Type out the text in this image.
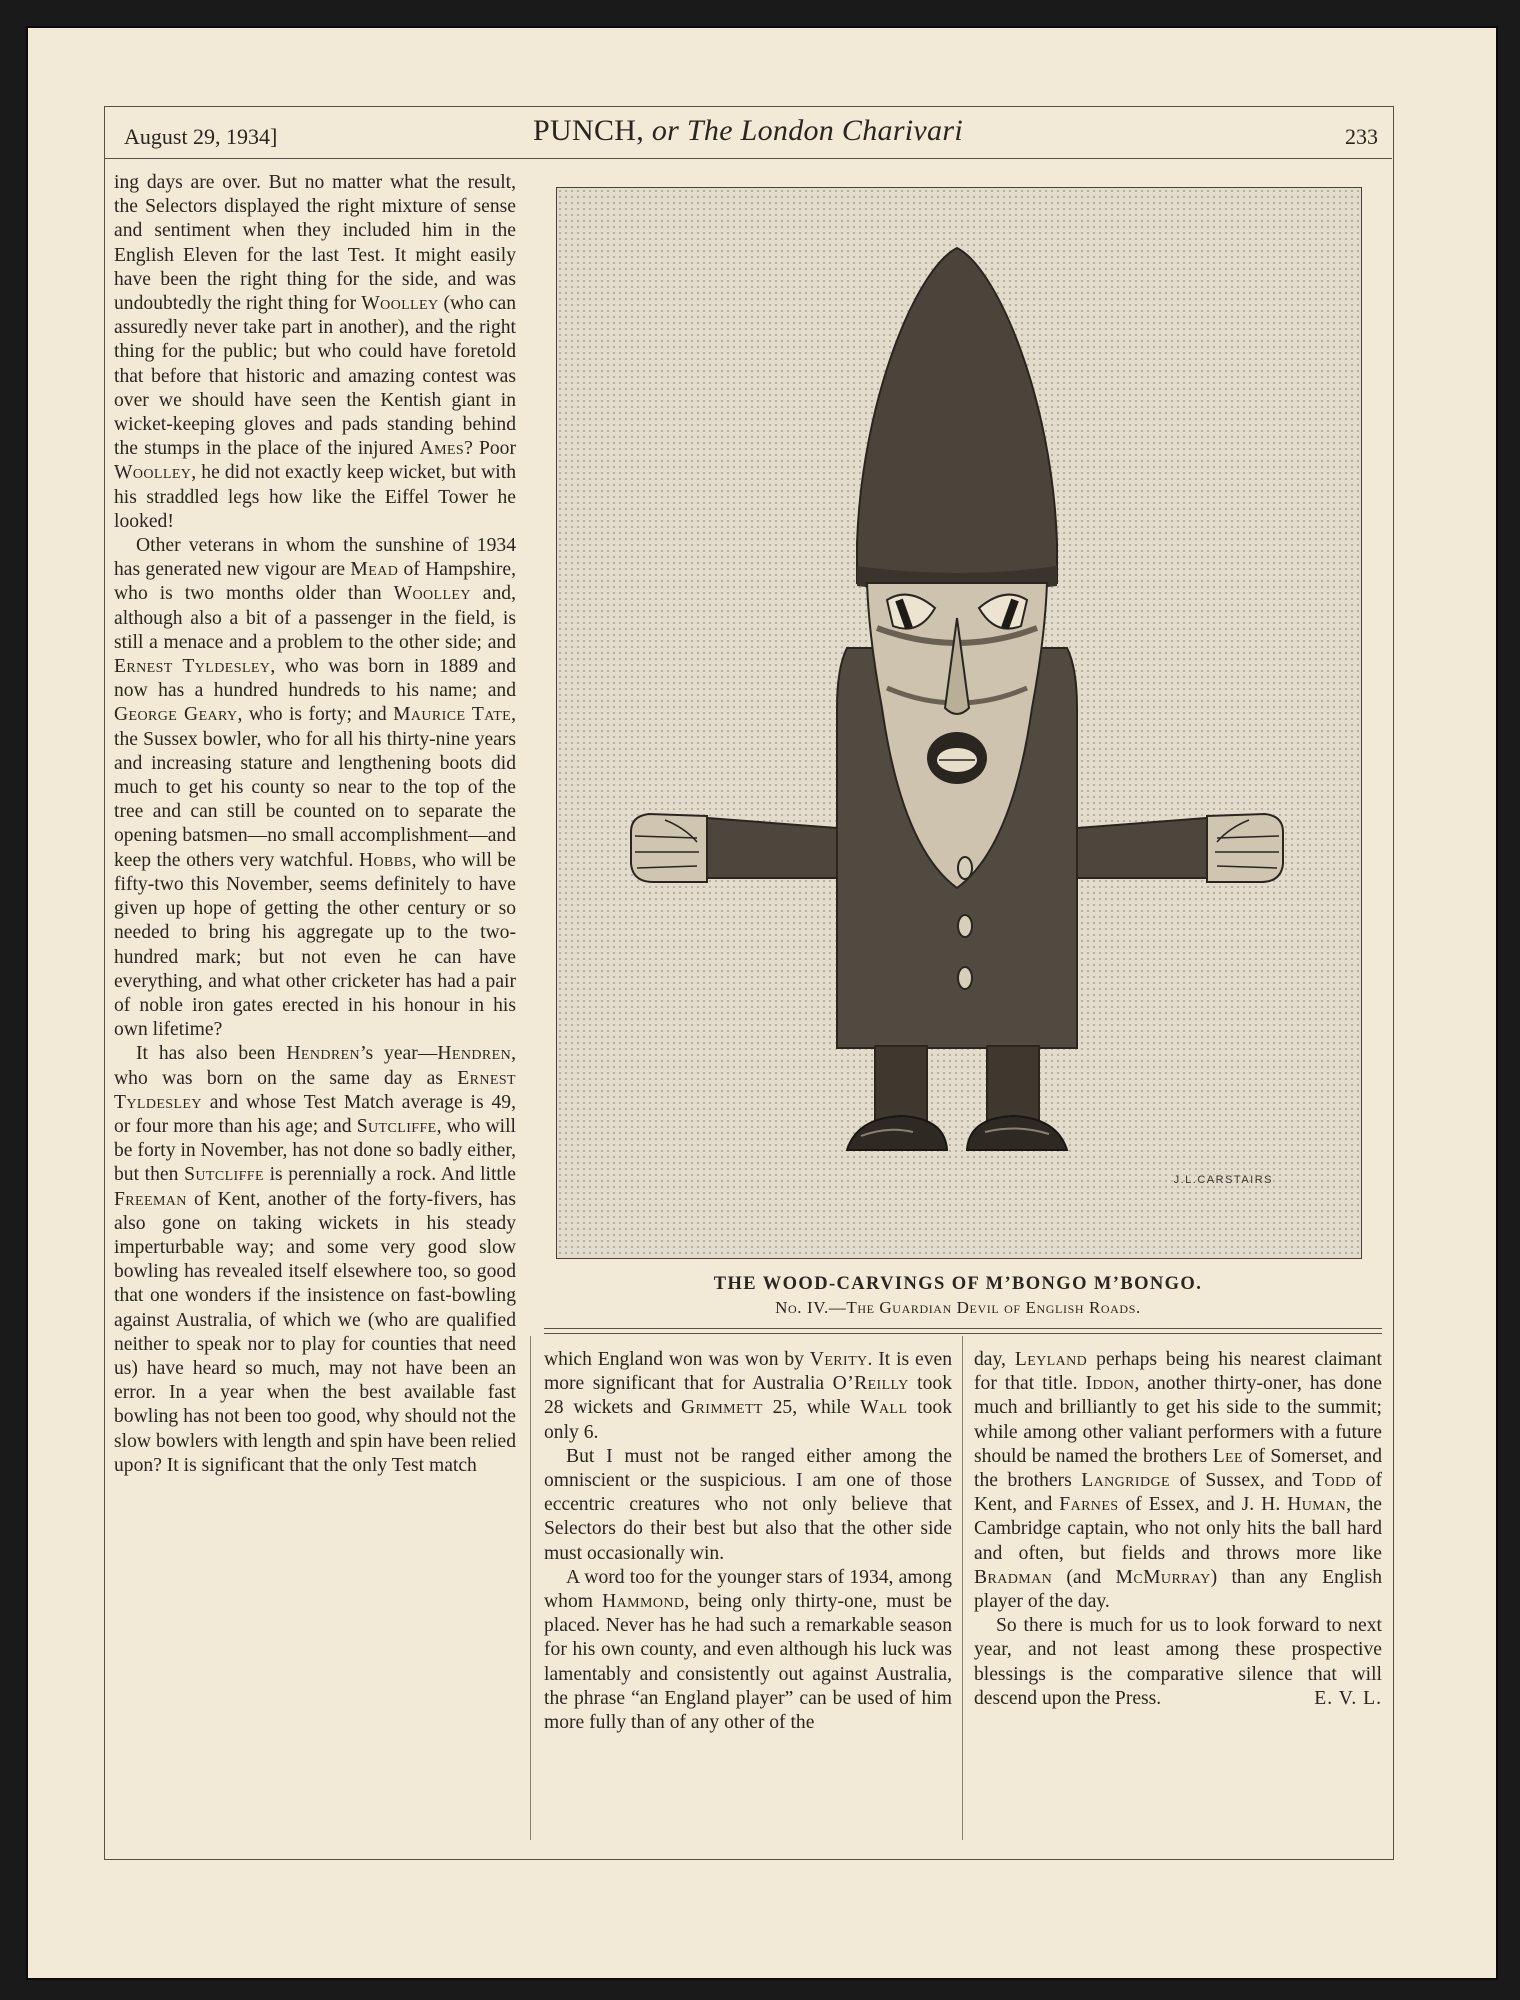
August 29, 1934]	PUNCH, or The London Charivari	233

ing days are over. But no matter what the result, the Selectors displayed the right mixture of sense and sentiment when they included him in the English Eleven for the last Test. It might easily have been the right thing for the side, and was undoubtedly the right thing for Woolley (who can assuredly never take part in another), and the right thing for the public; but who could have foretold that before that historic and amazing contest was over we should have seen the Kentish giant in wicket-keeping gloves and pads standing behind the stumps in the place of the injured Ames? Poor Woolley, he did not exactly keep wicket, but with his straddled legs how like the Eiffel Tower he looked!

Other veterans in whom the sunshine of 1934 has generated new vigour are Mead of Hampshire, who is two months older than Woolley and, although also a bit of a passenger in the field, is still a menace and a problem to the other side; and Ernest Tyldesley, who was born in 1889 and now has a hundred hundreds to his name; and George Geary, who is forty; and Maurice Tate, the Sussex bowler, who for all his thirty-nine years and increasing stature and lengthening boots did much to get his county so near to the top of the tree and can still be counted on to separate the opening batsmen—no small accomplishment—and keep the others very watchful. Hobbs, who will be fifty-two this November, seems definitely to have given up hope of getting the other century or so needed to bring his aggregate up to the two-hundred mark; but not even he can have everything, and what other cricketer has had a pair of noble iron gates erected in his honour in his own lifetime?

It has also been Hendren’s year—Hendren, who was born on the same day as Ernest Tyldesley and whose Test Match average is 49, or four more than his age; and Sutcliffe, who will be forty in November, has not done so badly either, but then Sutcliffe is perennially a rock. And little Freeman of Kent, another of the forty-fivers, has also gone on taking wickets in his steady imperturbable way; and some very good slow bowling has revealed itself elsewhere too, so good that one wonders if the insistence on fast-bowling against Australia, of which we (who are qualified neither to speak nor to play for counties that need us) have heard so much, may not have been an error. In a year when the best available fast bowling has not been too good, why should not the slow bowlers with length and spin have been relied upon? It is significant that the only Test match

J.L.CARSTAIRS
THE WOOD-CARVINGS OF M’BONGO M’BONGO.
No. IV.—The Guardian Devil of English Roads.

which England won was won by Verity. It is even more significant that for Australia O’Reilly took 28 wickets and Grimmett 25, while Wall took only 6.

But I must not be ranged either among the omniscient or the suspicious. I am one of those eccentric creatures who not only believe that Selectors do their best but also that the other side must occasionally win.

A word too for the younger stars of 1934, among whom Hammond, being only thirty-one, must be placed. Never has he had such a remarkable season for his own county, and even although his luck was lamentably and consistently out against Australia, the phrase “an England player” can be used of him more fully than of any other of the

day, Leyland perhaps being his nearest claimant for that title. Iddon, another thirty-oner, has done much and brilliantly to get his side to the summit; while among other valiant performers with a future should be named the brothers Lee of Somerset, and the brothers Langridge of Sussex, and Todd of Kent, and Farnes of Essex, and J. H. Human, the Cambridge captain, who not only hits the ball hard and often, but fields and throws more like Bradman (and McMurray) than any English player of the day.

So there is much for us to look forward to next year, and not least among these prospective blessings is the comparative silence that will descend upon the Press.	E. V. L.
